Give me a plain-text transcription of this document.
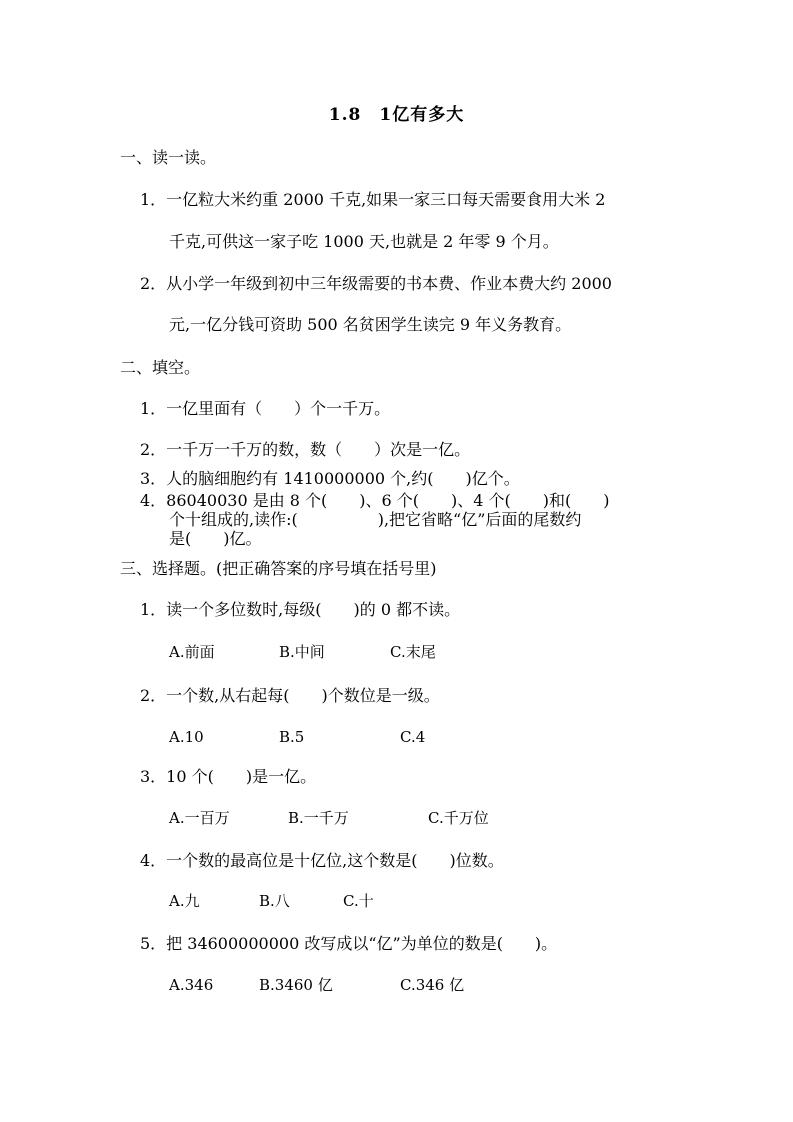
1.8　1亿有多大
一、读一读。
1．一亿粒大米约重 2000 千克,如果一家三口每天需要食用大米 2
千克,可供这一家子吃 1000 天,也就是 2 年零 9 个月。
2．从小学一年级到初中三年级需要的书本费、作业本费大约 2000
元,一亿分钱可资助 500 名贫困学生读完 9 年义务教育。
二、填空。
1．一亿里面有（　　）个一千万。
2．一千万一千万的数，数（　　）次是一亿。
3．人的脑细胞约有 1410000000 个,约(　　)亿个。
4．86040030 是由 8 个(　　)、6 个(　　)、4 个(　　)和(　　)
个十组成的,读作:(　　　　　),把它省略“亿”后面的尾数约
是(　　)亿。
三、选择题。(把正确答案的序号填在括号里)
1．读一个多位数时,每级(　　)的 0 都不读。
A.前面	B.中间	C.末尾
2．一个数,从右起每(　　)个数位是一级。
A.10	B.5	C.4
3．10 个(　　)是一亿。
A.一百万	B.一千万	C.千万位
4．一个数的最高位是十亿位,这个数是(　　)位数。
A.九	B.八	C.十
5．把 34600000000 改写成以“亿”为单位的数是(　　)。
A.346	B.3460 亿	C.346 亿
